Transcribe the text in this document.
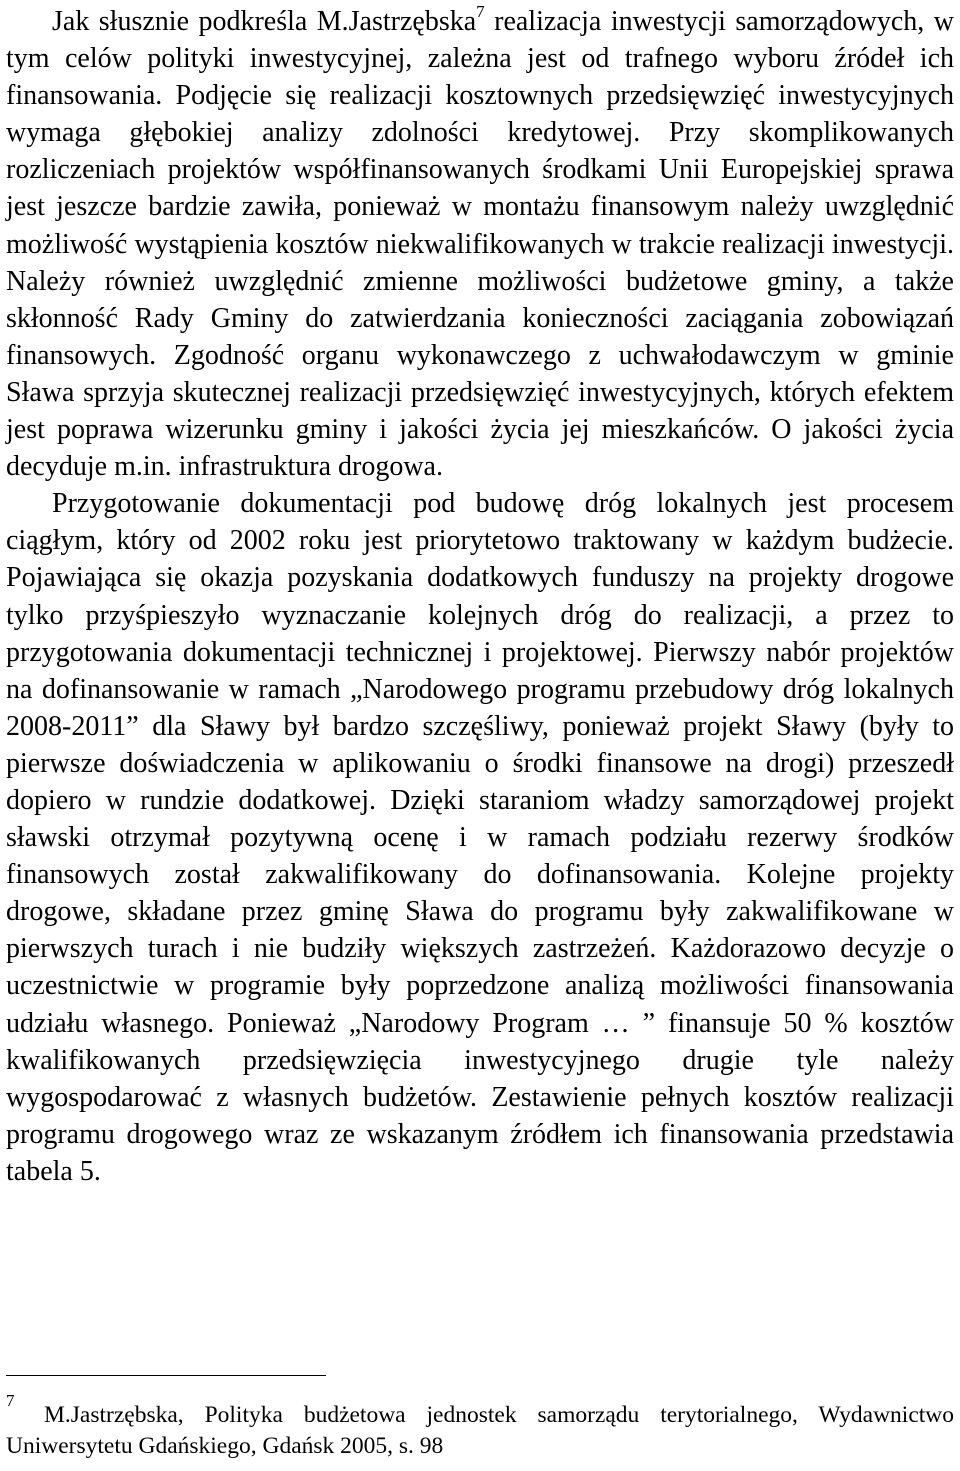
Jak słusznie podkreśla M.Jastrzębska$^7$ realizacja inwestycji samorządowych, w tym celów polityki inwestycyjnej, zależna jest od trafnego wyboru źródeł ich finansowania. Podjęcie się realizacji kosztownych przedsięwzięć inwestycyjnych wymaga głębokiej analizy zdolności kredytowej. Przy skomplikowanych rozliczeniach projektów współfinansowanych środkami Unii Europejskiej sprawa jest jeszcze bardzie zawiła, ponieważ w montażu finansowym należy uwzględnić możliwość wystąpienia kosztów niekwalifikowanych w trakcie realizacji inwestycji. Należy również uwzględnić zmienne możliwości budżetowe gminy, a także skłonność Rady Gminy do zatwierdzania konieczności zaciągania zobowiązań finansowych. Zgodność organu wykonawczego z uchwałodawczym w gminie Sława sprzyja skutecznej realizacji przedsięwzięć inwestycyjnych, których efektem jest poprawa wizerunku gminy i jakości życia jej mieszkańców. O jakości życia decyduje m.in. infrastruktura drogowa.

Przygotowanie dokumentacji pod budowę dróg lokalnych jest procesem ciągłym, który od 2002 roku jest priorytetowo traktowany w każdym budżecie. Pojawiająca się okazja pozyskania dodatkowych funduszy na projekty drogowe tylko przyśpieszyło wyznaczanie kolejnych dróg do realizacji, a przez to przygotowania dokumentacji technicznej i projektowej. Pierwszy nabór projektów na dofinansowanie w ramach „Narodowego programu przebudowy dróg lokalnych 2008-2011” dla Sławy był bardzo szczęśliwy, ponieważ projekt Sławy (były to pierwsze doświadczenia w aplikowaniu o środki finansowe na drogi) przeszedł dopiero w rundzie dodatkowej. Dzięki staraniom władzy samorządowej projekt sławski otrzymał pozytywną ocenę i w ramach podziału rezerwy środków finansowych został zakwalifikowany do dofinansowania. Kolejne projekty drogowe, składane przez gminę Sława do programu były zakwalifikowane w pierwszych turach i nie budziły większych zastrzeżeń. Każdorazowo decyzje o uczestnictwie w programie były poprzedzone analizą możliwości finansowania udziału własnego. Ponieważ „Narodowy Program … ” finansuje 50 % kosztów kwalifikowanych przedsięwzięcia inwestycyjnego drugie tyle należy wygospodarować z własnych budżetów. Zestawienie pełnych kosztów realizacji programu drogowego wraz ze wskazanym źródłem ich finansowania przedstawia tabela 5.

7M.Jastrzębska, Polityka budżetowa jednostek samorządu terytorialnego, Wydawnictwo Uniwersytetu Gdańskiego, Gdańsk 2005, s. 98
